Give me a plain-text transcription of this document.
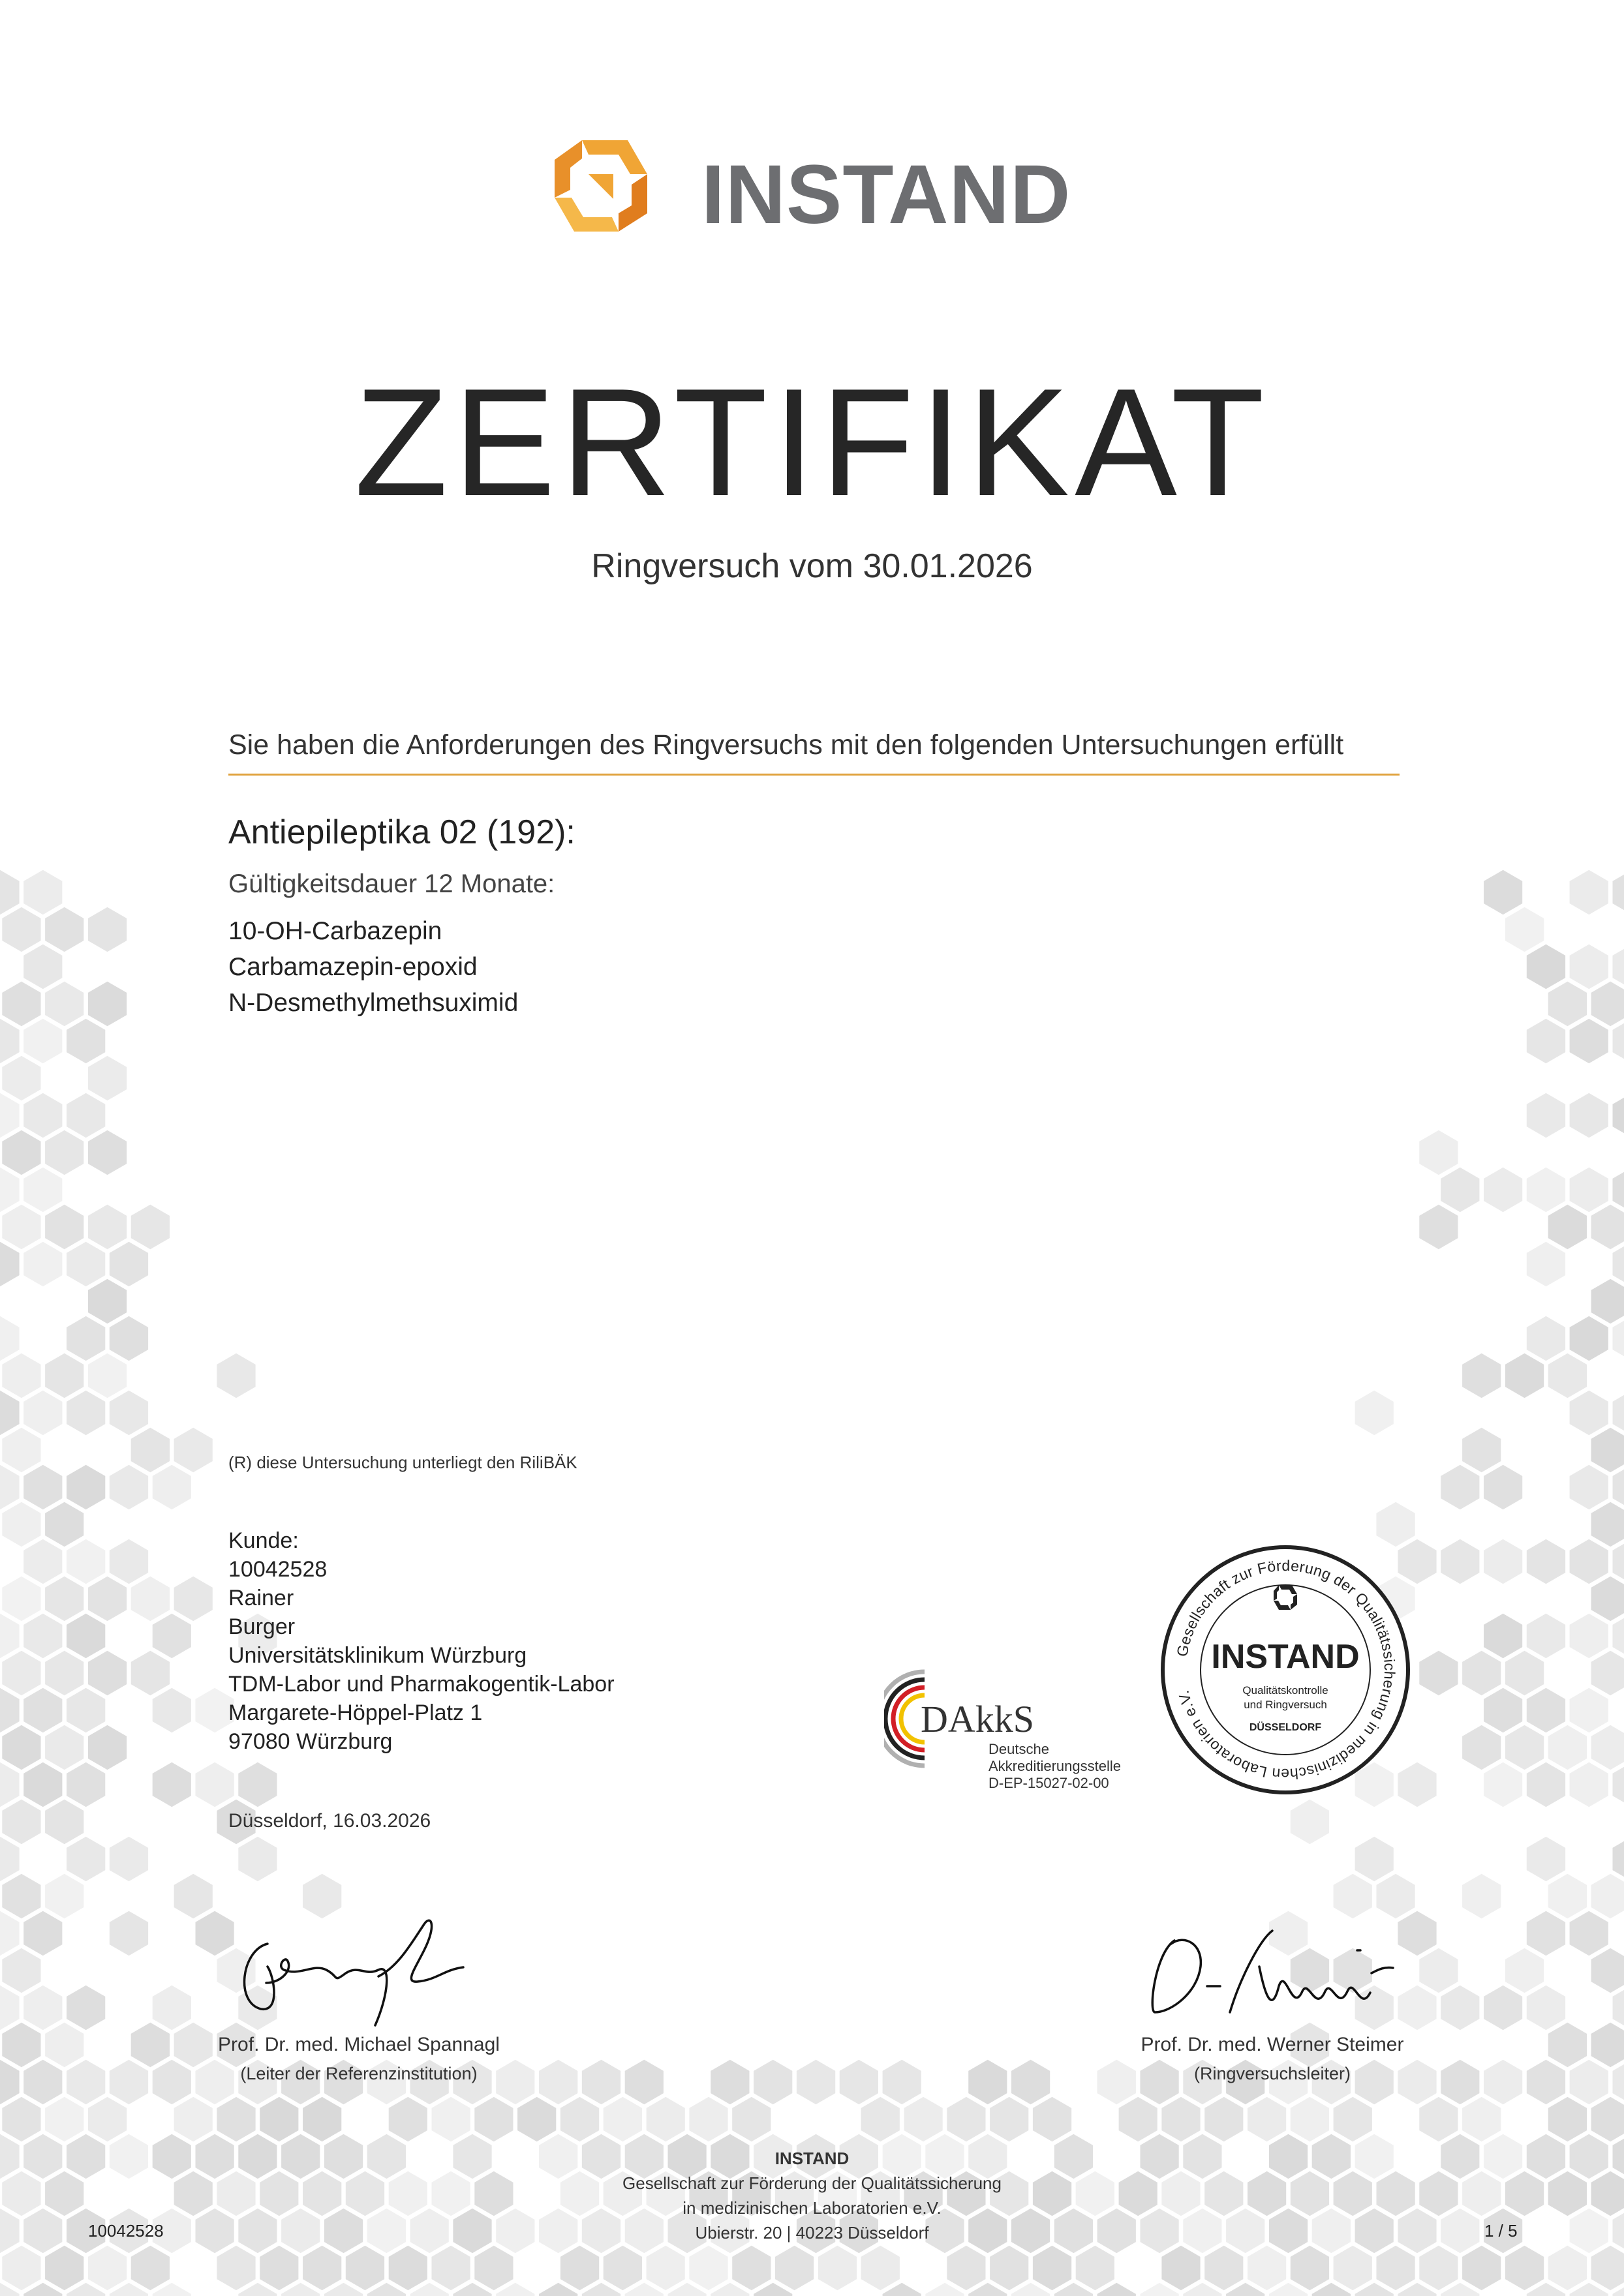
INSTAND
ZERTIFIKAT
Ringversuch vom 30.01.2026
Sie haben die Anforderungen des Ringversuchs mit den folgenden Untersuchungen erfüllt
Antiepileptika 02 (192):
Gültigkeitsdauer 12 Monate:
10-OH-Carbazepin
Carbamazepin-epoxid
N-Desmethylmethsuximid
(R) diese Untersuchung unterliegt den RiliBÄK
Kunde:
10042528
Rainer
Burger
Universitätsklinikum Würzburg
TDM-Labor und Pharmakogentik-Labor
Margarete-Höppel-Platz 1
97080 Würzburg
Düsseldorf, 16.03.2026
DAkkS
Deutsche
Akkreditierungsstelle
D-EP-15027-02-00
Gesellschaft zur Förderung der Qualitätssicherung in medizinischen Laboratorien e.V.
INSTAND
Qualitätskontrolle
und Ringversuch
DÜSSELDORF
Prof. Dr. med. Michael Spannagl
(Leiter der Referenzinstitution)
Prof. Dr. med. Werner Steimer
(Ringversuchsleiter)
INSTAND
Gesellschaft zur Förderung der Qualitätssicherung
in medizinischen Laboratorien e.V.
Ubierstr. 20 | 40223 Düsseldorf
10042528	1 / 5
